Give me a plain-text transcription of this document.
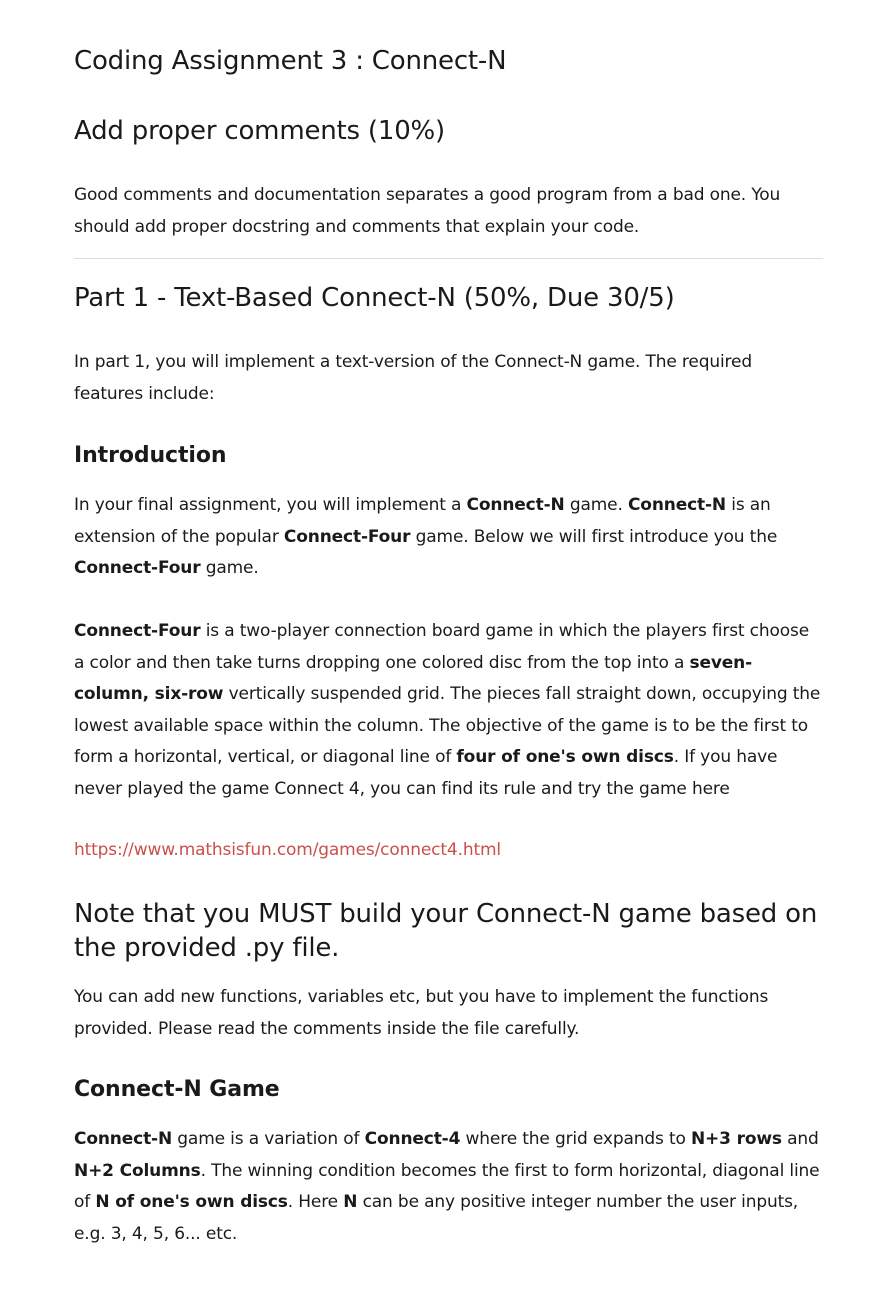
Coding Assignment 3 : Connect-N
Add proper comments (10%)

Good comments and documentation separates a good program from a bad one. You should add proper docstring and comments that explain your code.

Part 1 - Text-Based Connect-N (50%, Due 30/5)

In part 1, you will implement a text-version of the Connect-N game. The required features include:

Introduction

In your final assignment, you will implement a Connect-N game. Connect-N is an extension of the popular Connect-Four game. Below we will first introduce you the Connect-Four game.

Connect-Four is a two-player connection board game in which the players first choose a color and then take turns dropping one colored disc from the top into a seven-column, six-row vertically suspended grid. The pieces fall straight down, occupying the lowest available space within the column. The objective of the game is to be the first to form a horizontal, vertical, or diagonal line of four of one's own discs. If you have never played the game Connect 4, you can find its rule and try the game here

https://www.mathsisfun.com/games/connect4.html

Note that you MUST build your Connect-N game based on the provided .py file.

You can add new functions, variables etc, but you have to implement the functions provided. Please read the comments inside the file carefully.

Connect-N Game

Connect-N game is a variation of Connect-4 where the grid expands to N+3 rows and N+2 Columns. The winning condition becomes the first to form horizontal, diagonal line of N of one's own discs. Here N can be any positive integer number the user inputs, e.g. 3, 4, 5, 6... etc.
